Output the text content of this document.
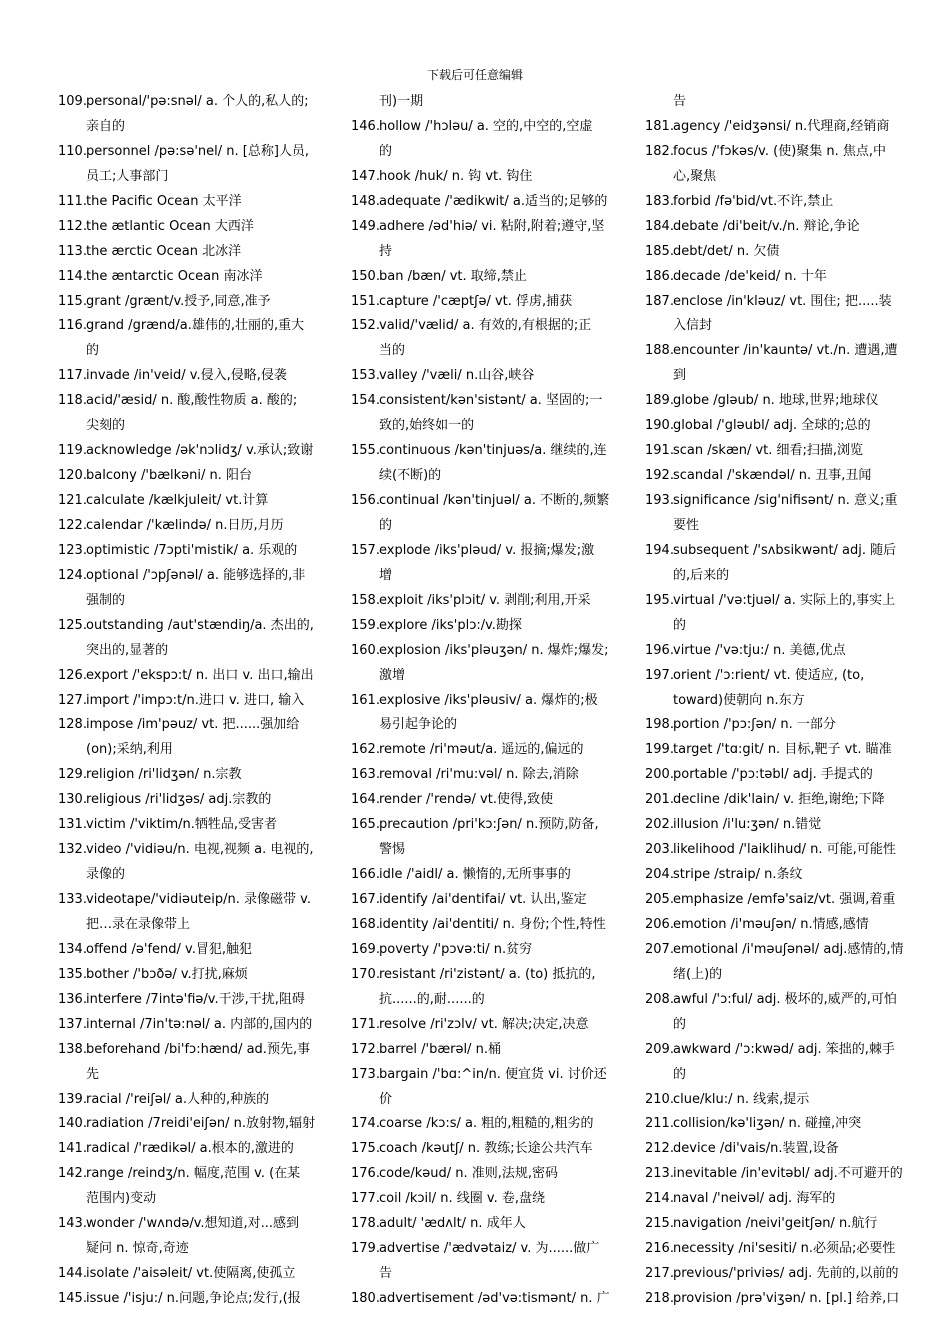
下载后可任意编辑
109.personal/'pə:snəl/ a. 个人的,私人的;
亲自的
110.personnel /pə:sə'nel/ n. [总称]人员,
员工;人事部门
111.the Pacific Ocean 太平洋
112.the ætlantic Ocean 大西洋
113.the ærctic Ocean 北冰洋
114.the æntarctic Ocean 南冰洋
115.grant /grænt/v.授予,同意,准予
116.grand /grænd/a.雄伟的,壮丽的,重大
的
117.invade /in'veid/ v.侵入,侵略,侵袭
118.acid/'æsid/ n. 酸,酸性物质 a. 酸的;
尖刻的
119.acknowledge /ək'nɔlidʒ/ v.承认;致谢
120.balcony /'bælkəni/ n. 阳台
121.calculate /kælkjuleit/ vt.计算
122.calendar /'kælində/ n.日历,月历
123.optimistic /7ɔpti'mistik/ a. 乐观的
124.optional /'ɔpʃənəl/ a. 能够选择的,非
强制的
125.outstanding /aut'stændiŋ/a. 杰出的,
突出的,显著的
126.export /'ekspɔ:t/ n. 出口 v. 出口,输出
127.import /'impɔ:t/n.进口 v. 进口, 输入
128.impose /im'pəuz/ vt. 把......强加给
(on);采纳,利用
129.religion /ri'lidʒən/ n.宗教
130.religious /ri'lidʒəs/ adj.宗教的
131.victim /'viktim/n.牺牲品,受害者
132.video /'vidiəu/n. 电视,视频 a. 电视的,
录像的
133.videotape/'vidiəuteip/n. 录像磁带 v.
把…录在录像带上
134.offend /ə'fend/ v.冒犯,触犯
135.bother /'bɔðə/ v.打扰,麻烦
136.interfere /7intə'fiə/v.干涉,干扰,阻碍
137.internal /7in'tə:nəl/ a. 内部的,国内的
138.beforehand /bi'fɔ:hænd/ ad.预先,事
先
139.racial /'reiʃəl/ a.人种的,种族的
140.radiation /7reidi'eiʃən/ n.放射物,辐射
141.radical /'rædikəl/ a.根本的,激进的
142.range /reindʒ/n. 幅度,范围 v. (在某
范围内)变动
143.wonder /'wʌndə/v.想知道,对...感到
疑问 n. 惊奇,奇迹
144.isolate /'aisəleit/ vt.使隔离,使孤立
145.issue /'isju:/ n.问题,争论点;发行,(报
刊)一期
146.hollow /'hɔləu/ a. 空的,中空的,空虚
的
147.hook /huk/ n. 钩 vt. 钩住
148.adequate /'ædikwit/ a.适当的;足够的
149.adhere /əd'hiə/ vi. 粘附,附着;遵守,坚
持
150.ban /bæn/ vt. 取缔,禁止
151.capture /'cæptʃə/ vt. 俘虏,捕获
152.valid/'vælid/ a. 有效的,有根据的;正
当的
153.valley /'væli/ n.山谷,峡谷
154.consistent/kən'sistənt/ a. 坚固的;一
致的,始终如一的
155.continuous /kən'tinjuəs/a. 继续的,连
续(不断)的
156.continual /kən'tinjuəl/ a. 不断的,频繁
的
157.explode /iks'pləud/ v. 报摘;爆发;激
增
158.exploit /iks'plɔit/ v. 剥削;利用,开采
159.explore /iks'plɔ:/v.勘探
160.explosion /iks'pləuʒən/ n. 爆炸;爆发;
激增
161.explosive /iks'pləusiv/ a. 爆炸的;极
易引起争论的
162.remote /ri'məut/a. 遥远的,偏远的
163.removal /ri'mu:vəl/ n. 除去,消除
164.render /'rendə/ vt.使得,致使
165.precaution /pri'kɔ:ʃən/ n.预防,防备,
警惕
166.idle /'aidl/ a. 懒惰的,无所事事的
167.identify /ai'dentifai/ vt. 认出,鉴定
168.identity /ai'dentiti/ n. 身份;个性,特性
169.poverty /'pɔvə:ti/ n.贫穷
170.resistant /ri'zistənt/ a. (to) 抵抗的,
抗......的,耐......的
171.resolve /ri'zɔlv/ vt. 解决;决定,决意
172.barrel /'bærəl/ n.桶
173.bargain /'bɑ:^in/n. 便宜货 vi. 讨价还
价
174.coarse /kɔ:s/ a. 粗的,粗糙的,粗劣的
175.coach /kəutʃ/ n. 教练;长途公共汽车
176.code/kəud/ n. 准则,法规,密码
177.coil /kɔil/ n. 线圈 v. 卷,盘绕
178.adult/ 'ædʌlt/ n. 成年人
179.advertise /'ædvətaiz/ v. 为......做广
告
180.advertisement /əd'və:tismənt/ n. 广
告
181.agency /'eidʒənsi/ n.代理商,经销商
182.focus /'fɔkəs/v. (使)聚集 n. 焦点,中
心,聚焦
183.forbid /fə'bid/vt.不许,禁止
184.debate /di'beit/v./n. 辩论,争论
185.debt/det/ n. 欠债
186.decade /de'keid/ n. 十年
187.enclose /in'kləuz/ vt. 围住; 把.....装
入信封
188.encounter /in'kauntə/ vt./n. 遭遇,遭
到
189.globe /gləub/ n. 地球,世界;地球仪
190.global /'gləubl/ adj. 全球的;总的
191.scan /skæn/ vt. 细看;扫描,浏览
192.scandal /'skændəl/ n. 丑事,丑闻
193.significance /sig'nifisənt/ n. 意义;重
要性
194.subsequent /'sʌbsikwənt/ adj. 随后
的,后来的
195.virtual /'və:tjuəl/ a. 实际上的,事实上
的
196.virtue /'və:tju:/ n. 美德,优点
197.orient /'ɔ:rient/ vt. 使适应, (to,
toward)使朝向 n.东方
198.portion /'pɔ:ʃən/ n. 一部分
199.target /'tɑ:git/ n. 目标,靶子 vt. 瞄准
200.portable /'pɔ:təbl/ adj. 手提式的
201.decline /dik'lain/ v. 拒绝,谢绝;下降
202.illusion /i'lu:ʒən/ n.错觉
203.likelihood /'laiklihud/ n. 可能,可能性
204.stripe /straip/ n.条纹
205.emphasize /emfə'saiz/vt. 强调,着重
206.emotion /i'məuʃən/ n.情感,感情
207.emotional /i'məuʃənəl/ adj.感情的,情
绪(上)的
208.awful /'ɔ:ful/ adj. 极坏的,威严的,可怕
的
209.awkward /'ɔ:kwəd/ adj. 笨拙的,棘手
的
210.clue/klu:/ n. 线索,提示
211.collision/kə'liʒən/ n. 碰撞,冲突
212.device /di'vais/n.装置,设备
213.inevitable /in'evitəbl/ adj.不可避开的
214.naval /'neivəl/ adj. 海军的
215.navigation /neivi'geitʃən/ n.航行
216.necessity /ni'sesiti/ n.必须品;必要性
217.previous/'priviəs/ adj. 先前的,以前的
218.provision /prə'viʒən/ n. [pl.] 给养,口
